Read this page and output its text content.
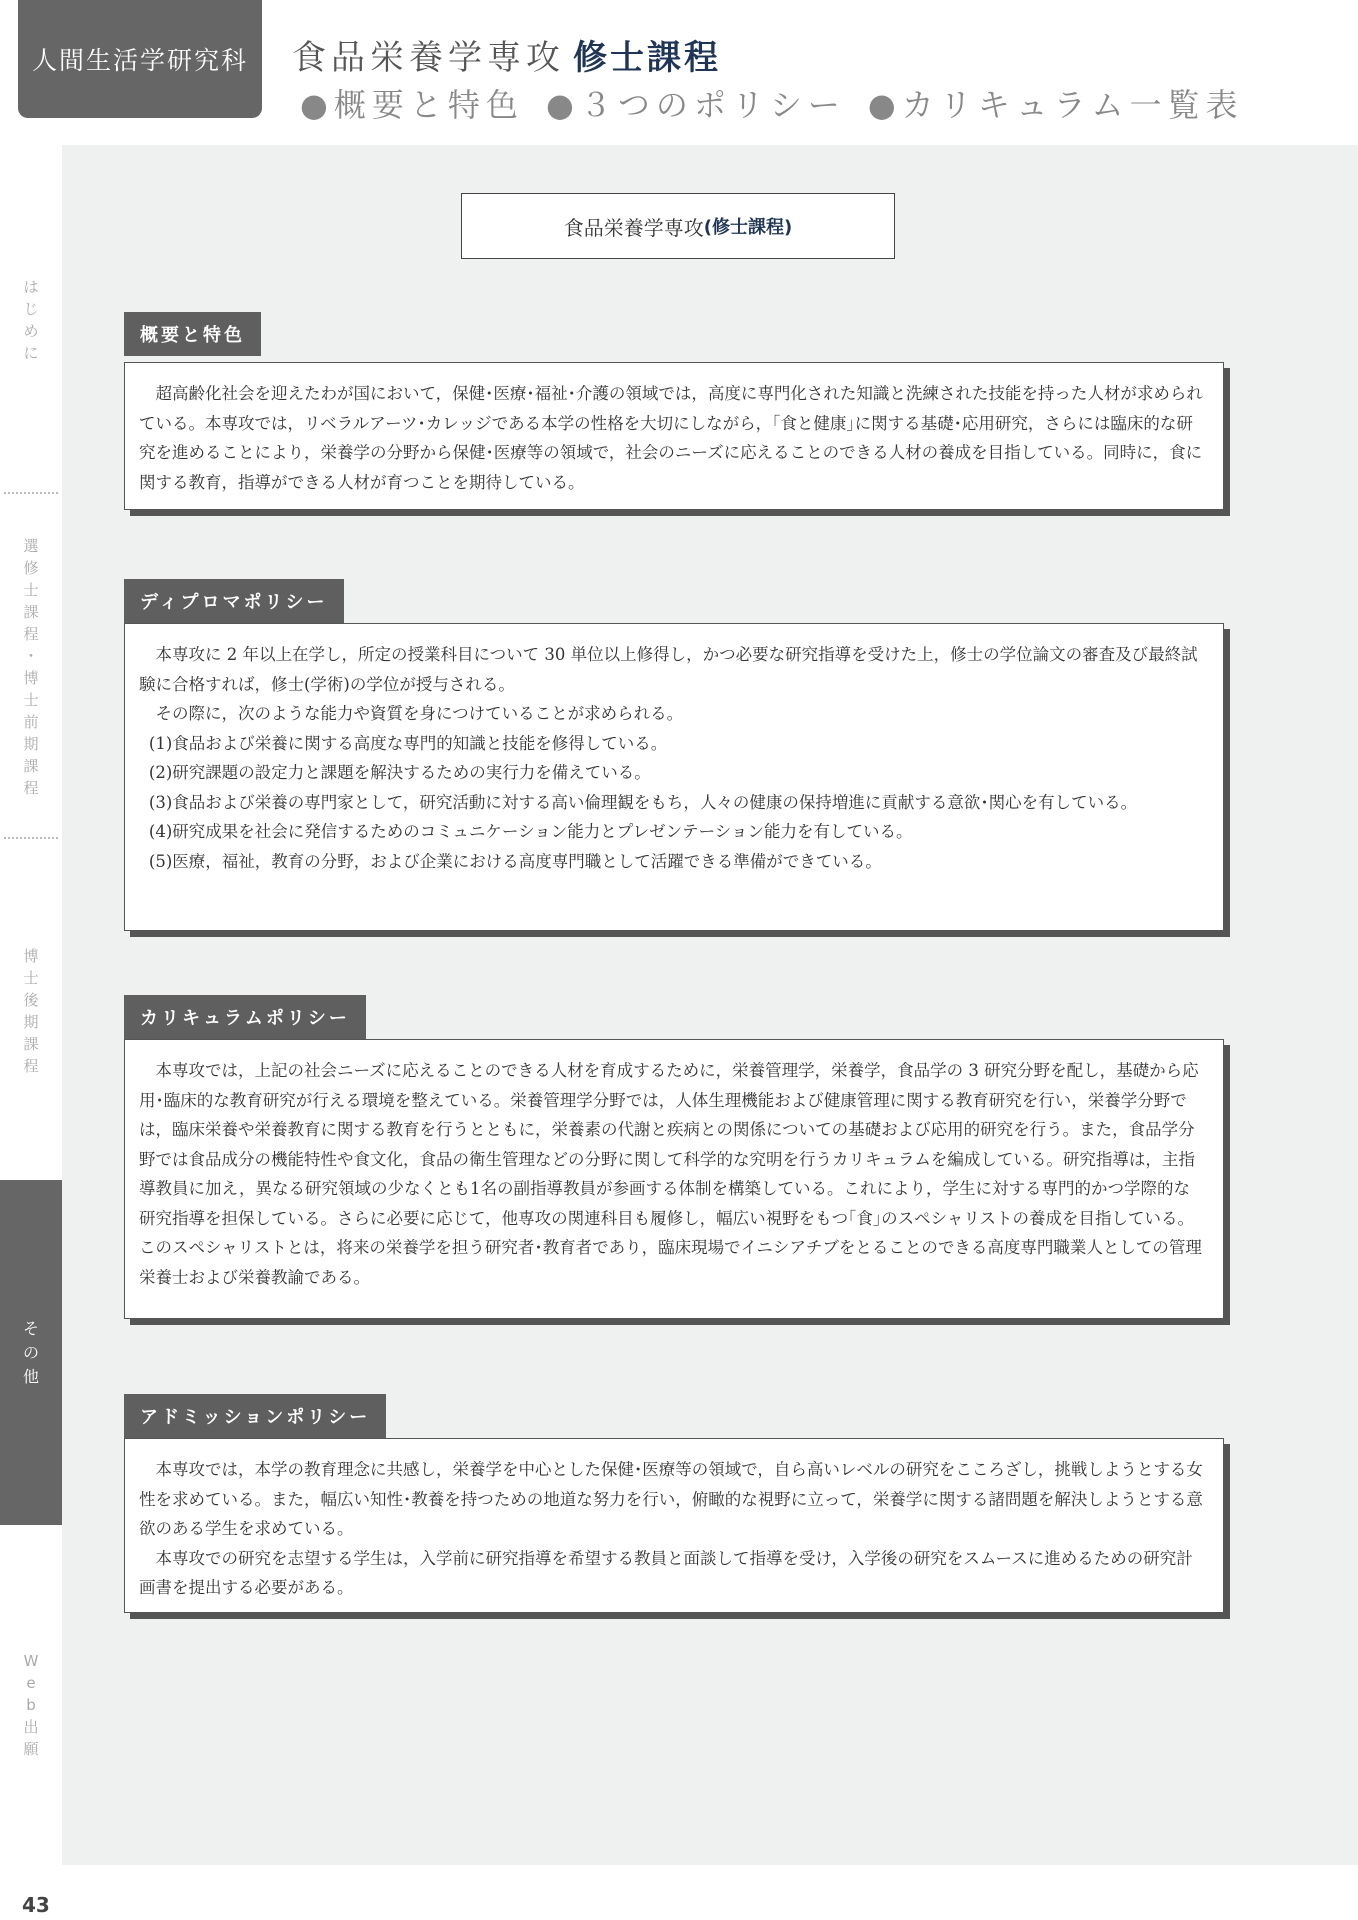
人間生活学研究科	食品栄養学専攻 修士課程
●概要と特色 ●３つのポリシー ●カリキュラム一覧表
は
じ
め
に
選
修
士
課
程
・
博
士
前
期
課
程
博
士
後
期
課
程
そ
の
他
W
e
b
出
願
43
食品栄養学専攻 (修士課程)
概要と特色

超高齢化社会を迎えたわが国において，保健･医療･福祉･介護の領域では，高度に専門化された知識と洗練された技能を持った人材が求められている。本専攻では，リベラルアーツ･カレッジである本学の性格を大切にしながら，｢食と健康｣に関する基礎･応用研究，さらには臨床的な研究を進めることにより，栄養学の分野から保健･医療等の領域で，社会のニーズに応えることのできる人材の養成を目指している。同時に，食に関する教育，指導ができる人材が育つことを期待している。

ディプロマポリシー

本専攻に 2 年以上在学し，所定の授業科目について 30 単位以上修得し，かつ必要な研究指導を受けた上，修士の学位論文の審査及び最終試験に合格すれば，修士(学術)の学位が授与される。

その際に，次のような能力や資質を身につけていることが求められる。

(1)食品および栄養に関する高度な専門的知識と技能を修得している。

(2)研究課題の設定力と課題を解決するための実行力を備えている。

(3)食品および栄養の専門家として，研究活動に対する高い倫理観をもち，人々の健康の保持増進に貢献する意欲･関心を有している。

(4)研究成果を社会に発信するためのコミュニケーション能力とプレゼンテーション能力を有している。

(5)医療，福祉，教育の分野，および企業における高度専門職として活躍できる準備ができている。

カリキュラムポリシー

本専攻では，上記の社会ニーズに応えることのできる人材を育成するために，栄養管理学，栄養学，食品学の 3 研究分野を配し，基礎から応用･臨床的な教育研究が行える環境を整えている。栄養管理学分野では，人体生理機能および健康管理に関する教育研究を行い，栄養学分野では，臨床栄養や栄養教育に関する教育を行うとともに，栄養素の代謝と疾病との関係についての基礎および応用的研究を行う。また，食品学分野では食品成分の機能特性や食文化，食品の衛生管理などの分野に関して科学的な究明を行うカリキュラムを編成している。研究指導は，主指導教員に加え，異なる研究領域の少なくとも1名の副指導教員が参画する体制を構築している。これにより，学生に対する専門的かつ学際的な研究指導を担保している。さらに必要に応じて，他専攻の関連科目も履修し，幅広い視野をもつ｢食｣のスペシャリストの養成を目指している。このスペシャリストとは，将来の栄養学を担う研究者･教育者であり，臨床現場でイニシアチブをとることのできる高度専門職業人としての管理栄養士および栄養教諭である。

アドミッションポリシー

本専攻では，本学の教育理念に共感し，栄養学を中心とした保健･医療等の領域で，自ら高いレベルの研究をこころざし，挑戦しようとする女性を求めている。また，幅広い知性･教養を持つための地道な努力を行い，俯瞰的な視野に立って，栄養学に関する諸問題を解決しようとする意欲のある学生を求めている。

本専攻での研究を志望する学生は，入学前に研究指導を希望する教員と面談して指導を受け，入学後の研究をスムースに進めるための研究計画書を提出する必要がある。
